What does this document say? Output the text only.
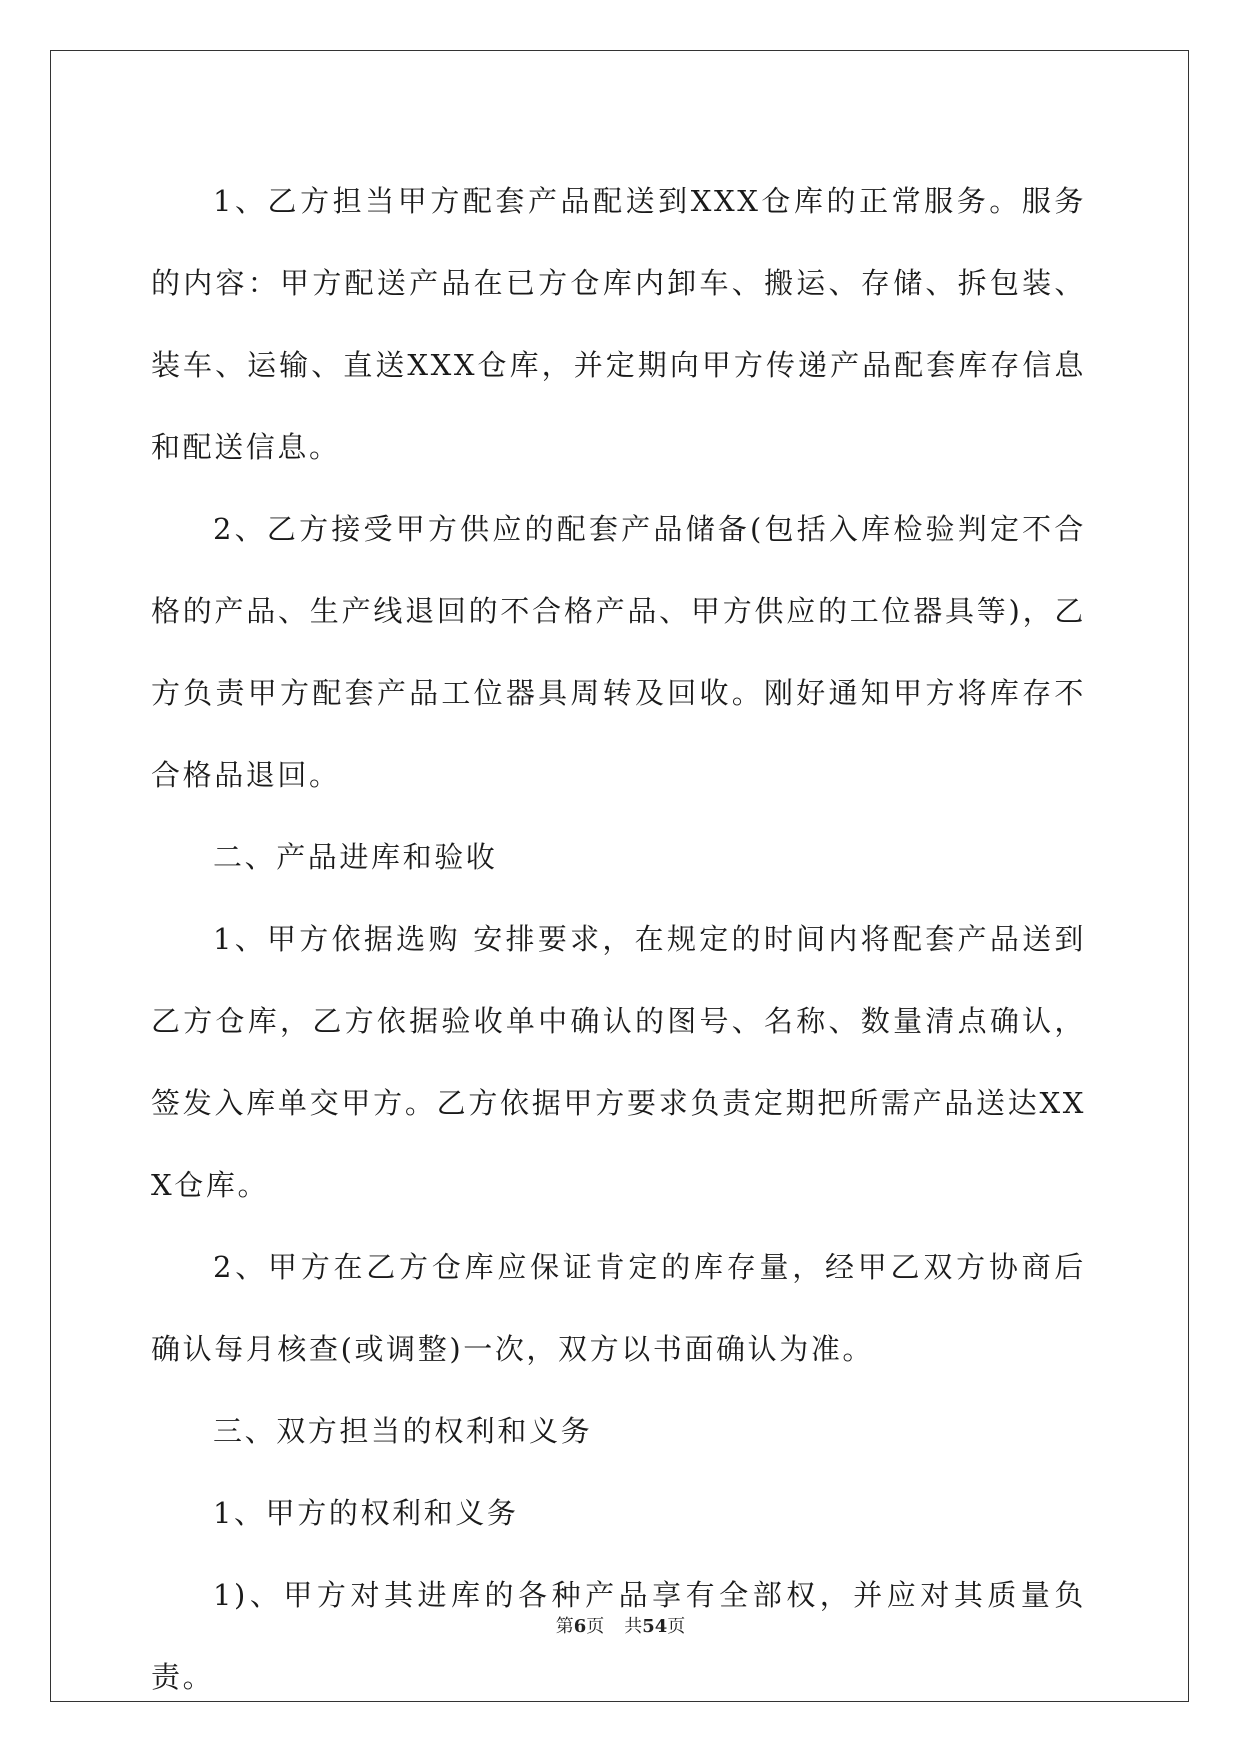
1、乙方担当甲方配套产品配送到XXX仓库的正常服务。服务的内容：甲方配送产品在已方仓库内卸车、搬运、存储、拆包装、装车、运输、直送XXX仓库，并定期向甲方传递产品配套库存信息和配送信息。

2、乙方接受甲方供应的配套产品储备(包括入库检验判定不合格的产品、生产线退回的不合格产品、甲方供应的工位器具等)，乙方负责甲方配套产品工位器具周转及回收。刚好通知甲方将库存不合格品退回。

二、产品进库和验收

1、甲方依据选购 安排要求，在规定的时间内将配套产品送到乙方仓库，乙方依据验收单中确认的图号、名称、数量清点确认，签发入库单交甲方。乙方依据甲方要求负责定期把所需产品送达XXX仓库。

2、甲方在乙方仓库应保证肯定的库存量，经甲乙双方协商后确认每月核查(或调整)一次，双方以书面确认为准。

三、双方担当的权利和义务

1、甲方的权利和义务

1)、甲方对其进库的各种产品享有全部权，并应对其质量负责。

第6页 共54页
